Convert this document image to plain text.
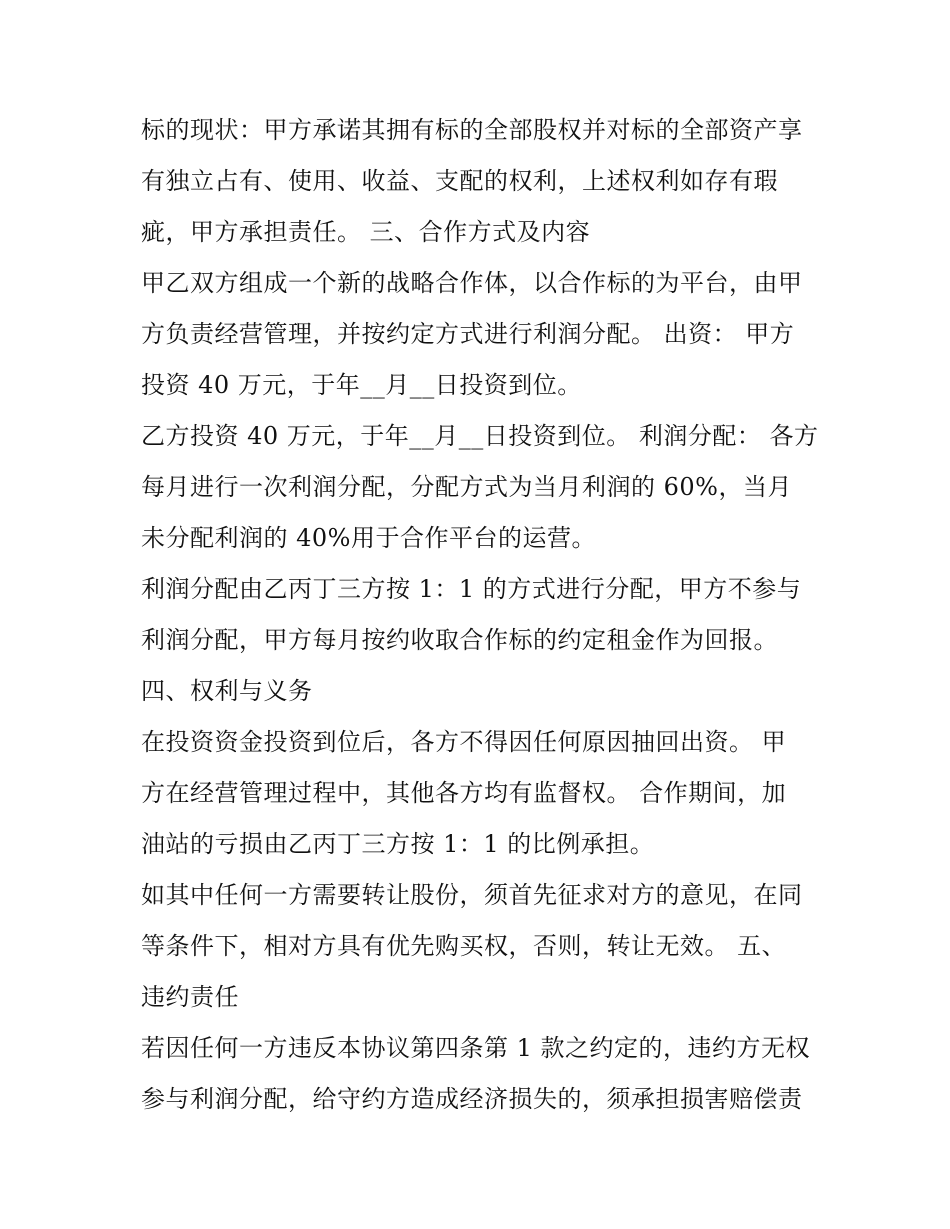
标的现状：甲方承诺其拥有标的全部股权并对标的全部资产享
有独立占有、使用、收益、支配的权利，上述权利如存有瑕
疵，甲方承担责任。 三、合作方式及内容
甲乙双方组成一个新的战略合作体，以合作标的为平台，由甲
方负责经营管理，并按约定方式进行利润分配。 出资： 甲方
投资 40 万元，于年__月__日投资到位。
乙方投资 40 万元，于年__月__日投资到位。 利润分配： 各方
每月进行一次利润分配，分配方式为当月利润的 60%，当月
未分配利润的 40%用于合作平台的运营。
利润分配由乙丙丁三方按 1：1 的方式进行分配，甲方不参与
利润分配，甲方每月按约收取合作标的约定租金作为回报。
四、权利与义务
在投资资金投资到位后，各方不得因任何原因抽回出资。 甲
方在经营管理过程中，其他各方均有监督权。 合作期间，加
油站的亏损由乙丙丁三方按 1：1 的比例承担。
如其中任何一方需要转让股份，须首先征求对方的意见，在同
等条件下，相对方具有优先购买权，否则，转让无效。 五、
违约责任
若因任何一方违反本协议第四条第 1 款之约定的，违约方无权
参与利润分配，给守约方造成经济损失的，须承担损害赔偿责
